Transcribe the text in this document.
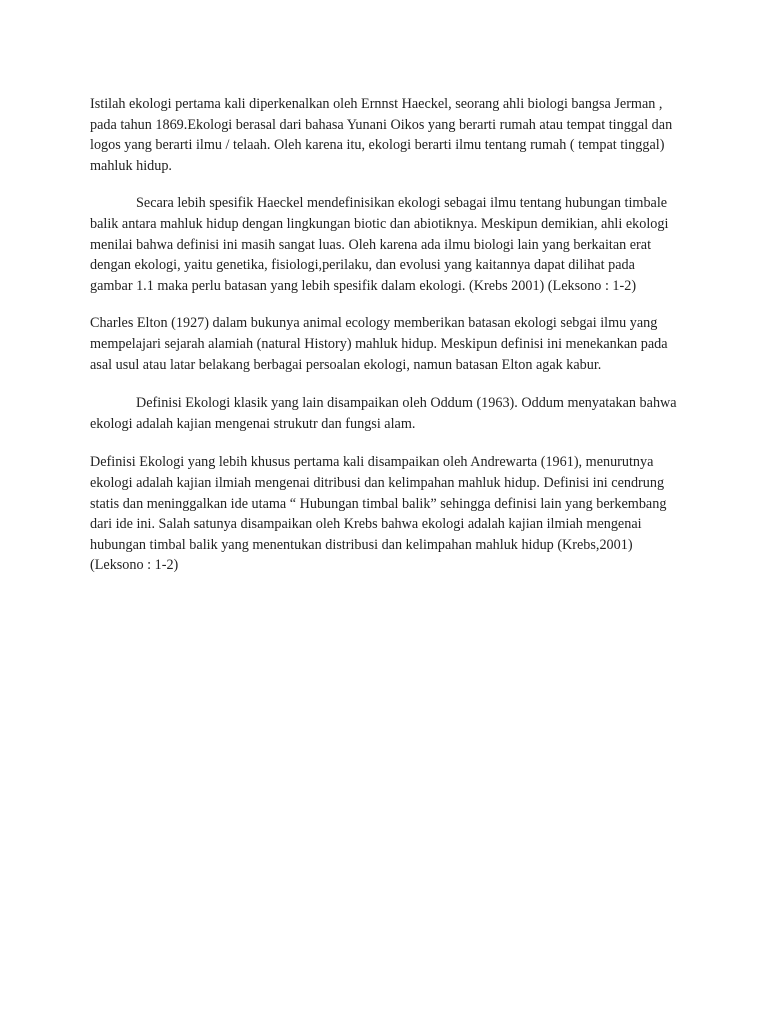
Istilah ekologi pertama kali diperkenalkan oleh Ernnst Haeckel, seorang ahli biologi bangsa Jerman , pada tahun 1869.Ekologi berasal dari bahasa Yunani Oikos yang berarti rumah atau tempat tinggal dan logos yang berarti ilmu / telaah. Oleh karena itu, ekologi berarti ilmu tentang rumah ( tempat tinggal) mahluk hidup.

Secara lebih spesifik Haeckel mendefinisikan ekologi sebagai ilmu tentang hubungan timbale balik antara mahluk hidup dengan lingkungan biotic dan abiotiknya. Meskipun demikian, ahli ekologi menilai bahwa definisi ini masih sangat luas. Oleh karena ada ilmu biologi lain yang berkaitan erat dengan ekologi, yaitu genetika, fisiologi,perilaku, dan evolusi yang kaitannya dapat dilihat pada gambar 1.1 maka perlu batasan yang lebih spesifik dalam ekologi. (Krebs 2001) (Leksono : 1-2)

Charles Elton (1927) dalam bukunya animal ecology memberikan batasan ekologi sebgai ilmu yang mempelajari sejarah alamiah (natural History) mahluk hidup. Meskipun definisi ini menekankan pada asal usul atau latar belakang berbagai persoalan ekologi, namun batasan Elton agak kabur.

Definisi Ekologi klasik yang lain disampaikan oleh Oddum (1963). Oddum menyatakan bahwa ekologi adalah kajian mengenai strukutr dan fungsi alam.

Definisi Ekologi yang lebih khusus pertama kali disampaikan oleh Andrewarta (1961), menurutnya ekologi adalah kajian ilmiah mengenai ditribusi dan kelimpahan mahluk hidup. Definisi ini cendrung statis dan meninggalkan ide utama “ Hubungan timbal balik” sehingga definisi lain yang berkembang dari ide ini. Salah satunya disampaikan oleh Krebs bahwa ekologi adalah kajian ilmiah mengenai hubungan timbal balik yang menentukan distribusi dan kelimpahan mahluk hidup (Krebs,2001) (Leksono : 1-2)
